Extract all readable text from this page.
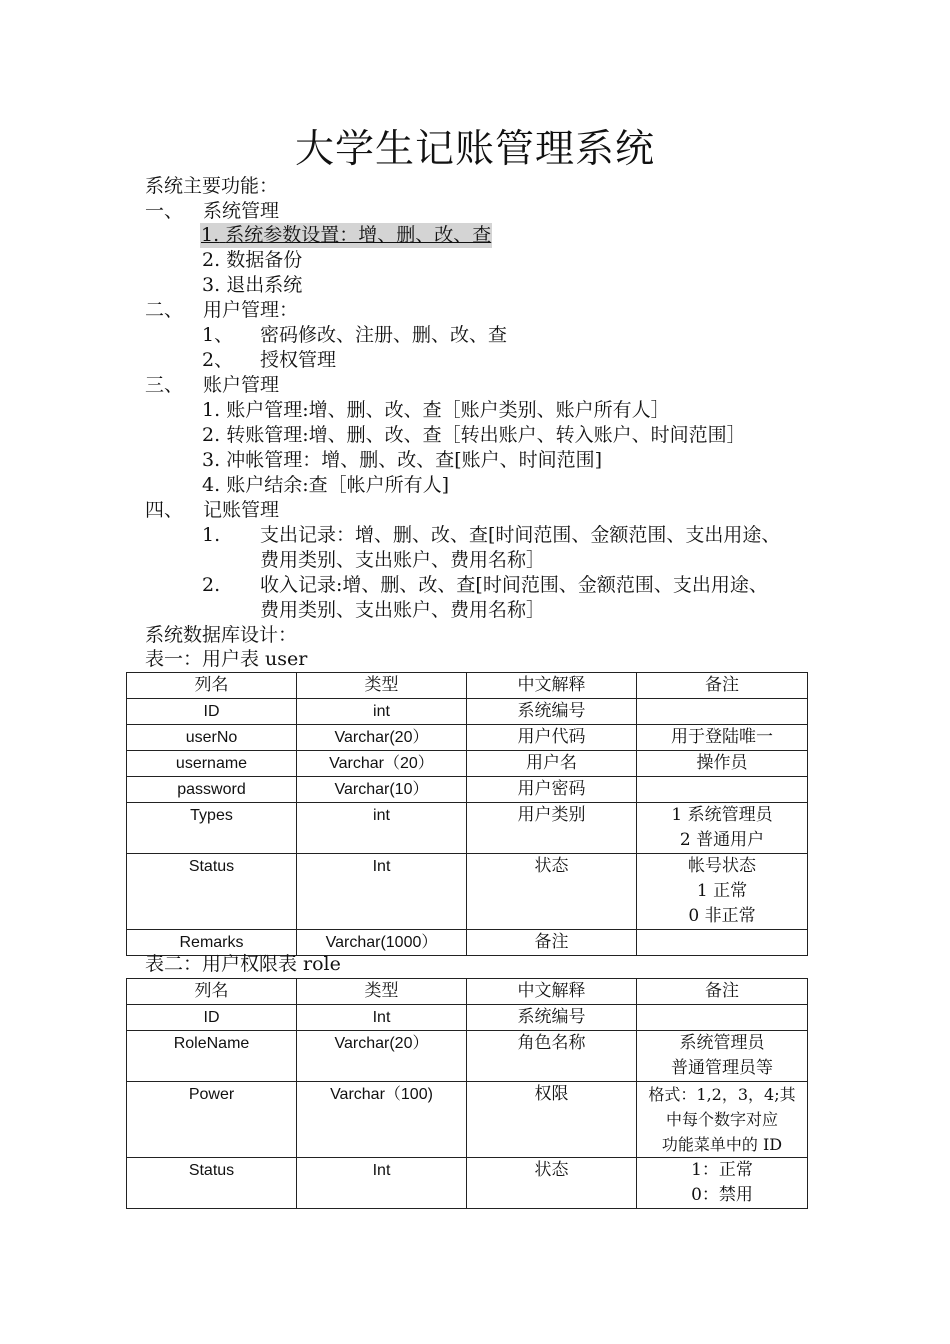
大学生记账管理系统
系统主要功能：
一、 系统管理
1. 系统参数设置：增、删、改、查
2. 数据备份
3. 退出系统
二、 用户管理：
1、 密码修改、注册、删、改、查
2、 授权管理
三、 账户管理
1. 账户管理:增、删、改、查［账户类别、账户所有人］
2. 转账管理:增、删、改、查［转出账户、转入账户、时间范围］
3. 冲帐管理：增、删、改、查[账户、时间范围]
4. 账户结余:查［帐户所有人]
四、 记账管理
1. 支出记录：增、删、改、查[时间范围、金额范围、支出用途、
费用类别、支出账户、费用名称］
2. 收入记录:增、删、改、查[时间范围、金额范围、支出用途、
费用类别、支出账户、费用名称］
系统数据库设计：
表一：用户表 user
列名	类型	中文解释	备注
ID	int	系统编号	
userNo	Varchar(20）	用户代码	用于登陆唯一

username	Varchar（20）	用户名	操作员

password	Varchar(10）	用户密码	
Types	int	用户类别	1 系统管理员
2 普通用户

Status	Int	状态	帐号状态
1 正常
0 非正常

Remarks	Varchar(1000）	备注	
表二：用户权限表 role
列名	类型	中文解释	备注
ID	Int	系统编号	
RoleName	Varchar(20）	角色名称	系统管理员
普通管理员等

Power	Varchar（100)	权限	格式：1,2，3，4;其
中每个数字对应
功能菜单中的 ID

Status	Int	状态	1：正常
0：禁用
